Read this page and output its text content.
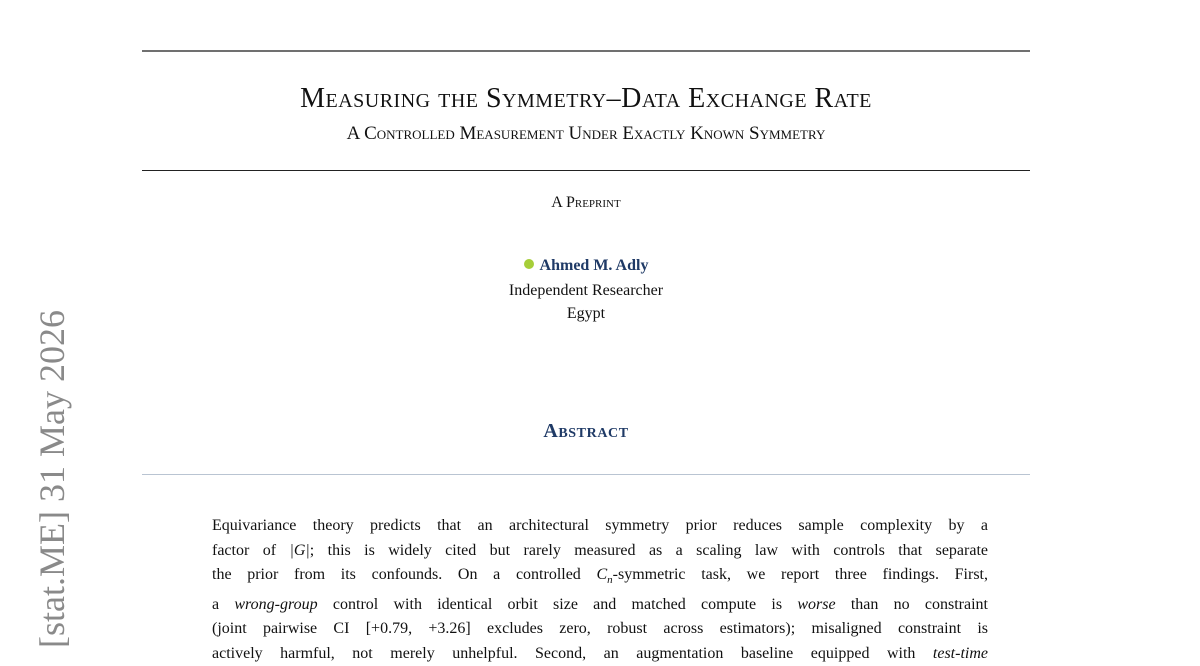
Measuring the Symmetry–Data Exchange Rate
A Controlled Measurement Under Exactly Known Symmetry
A Preprint
Ahmed M. Adly
Independent Researcher
Egypt
Abstract
Equivariance theory predicts that an architectural symmetry prior reduces sample complexity by a
factor of |G|; this is widely cited but rarely measured as a scaling law with controls that separate
the prior from its confounds. On a controlled $C_n$-symmetric task, we report three findings. First,
a wrong-group control with identical orbit size and matched compute is worse than no constraint
(joint pairwise CI [+0.79, +3.26] excludes zero, robust across estimators); misaligned constraint is
actively harmful, not merely unhelpful. Second, an augmentation baseline equipped with test-time
[stat.ME] 31 May 2026
